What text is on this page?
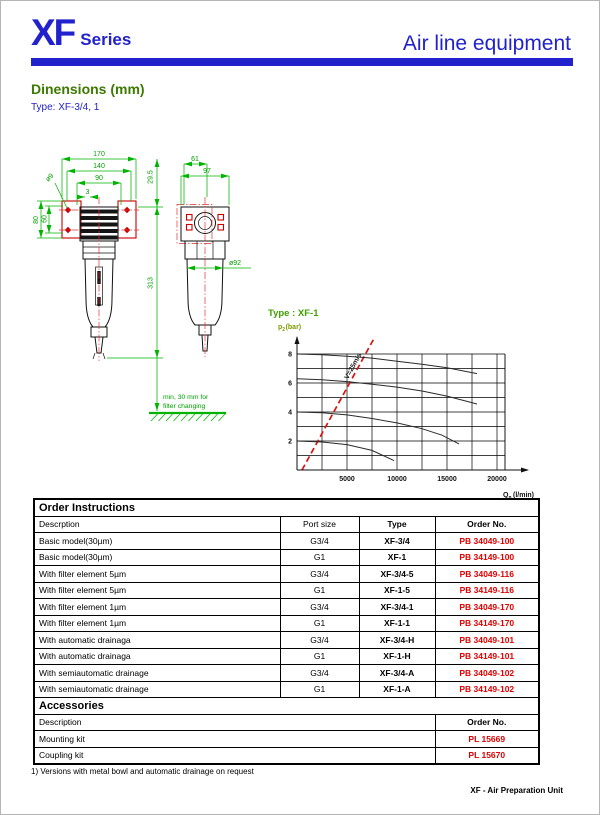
XF Series	Air line equipment
Dinensions (mm)
Type: XF-3/4, 1
170
140
90
3
ø9
80 60
29.5
313
61
97
ø92
min, 30 mm for
filter changing
Type : XF-1
$p_2(bar)$
V=25m/s
5000	10000	15000	20000
2
4
6
8
$Q_n$ (l/min)
Order Instructions			
Descrption	Port size	Type	Order No.
Basic model(30µm)	G3/4	XF-3/4	PB 34049-100
Basic model(30µm)	G1	XF-1	PB 34149-100
With filter element 5µm	G3/4	XF-3/4-5	PB 34049-116
With filter element 5µm	G1	XF-1-5	PB 34149-116
With filter element 1µm	G3/4	XF-3/4-1	PB 34049-170
With filter element 1µm	G1	XF-1-1	PB 34149-170
With automatic drainaga	G3/4	XF-3/4-H	PB 34049-101
With automatic drainaga	G1	XF-1-H	PB 34149-101
With semiautomatic drainage	G3/4	XF-3/4-A	PB 34049-102
With semiautomatic drainage	G1	XF-1-A	PB 34149-102
Accessories			
Description			Order No.
Mounting kit			PL 15669
Coupling kit			PL 15670
1) Versions with metal bowl and automatic drainage on request
XF - Air Preparation Unit
